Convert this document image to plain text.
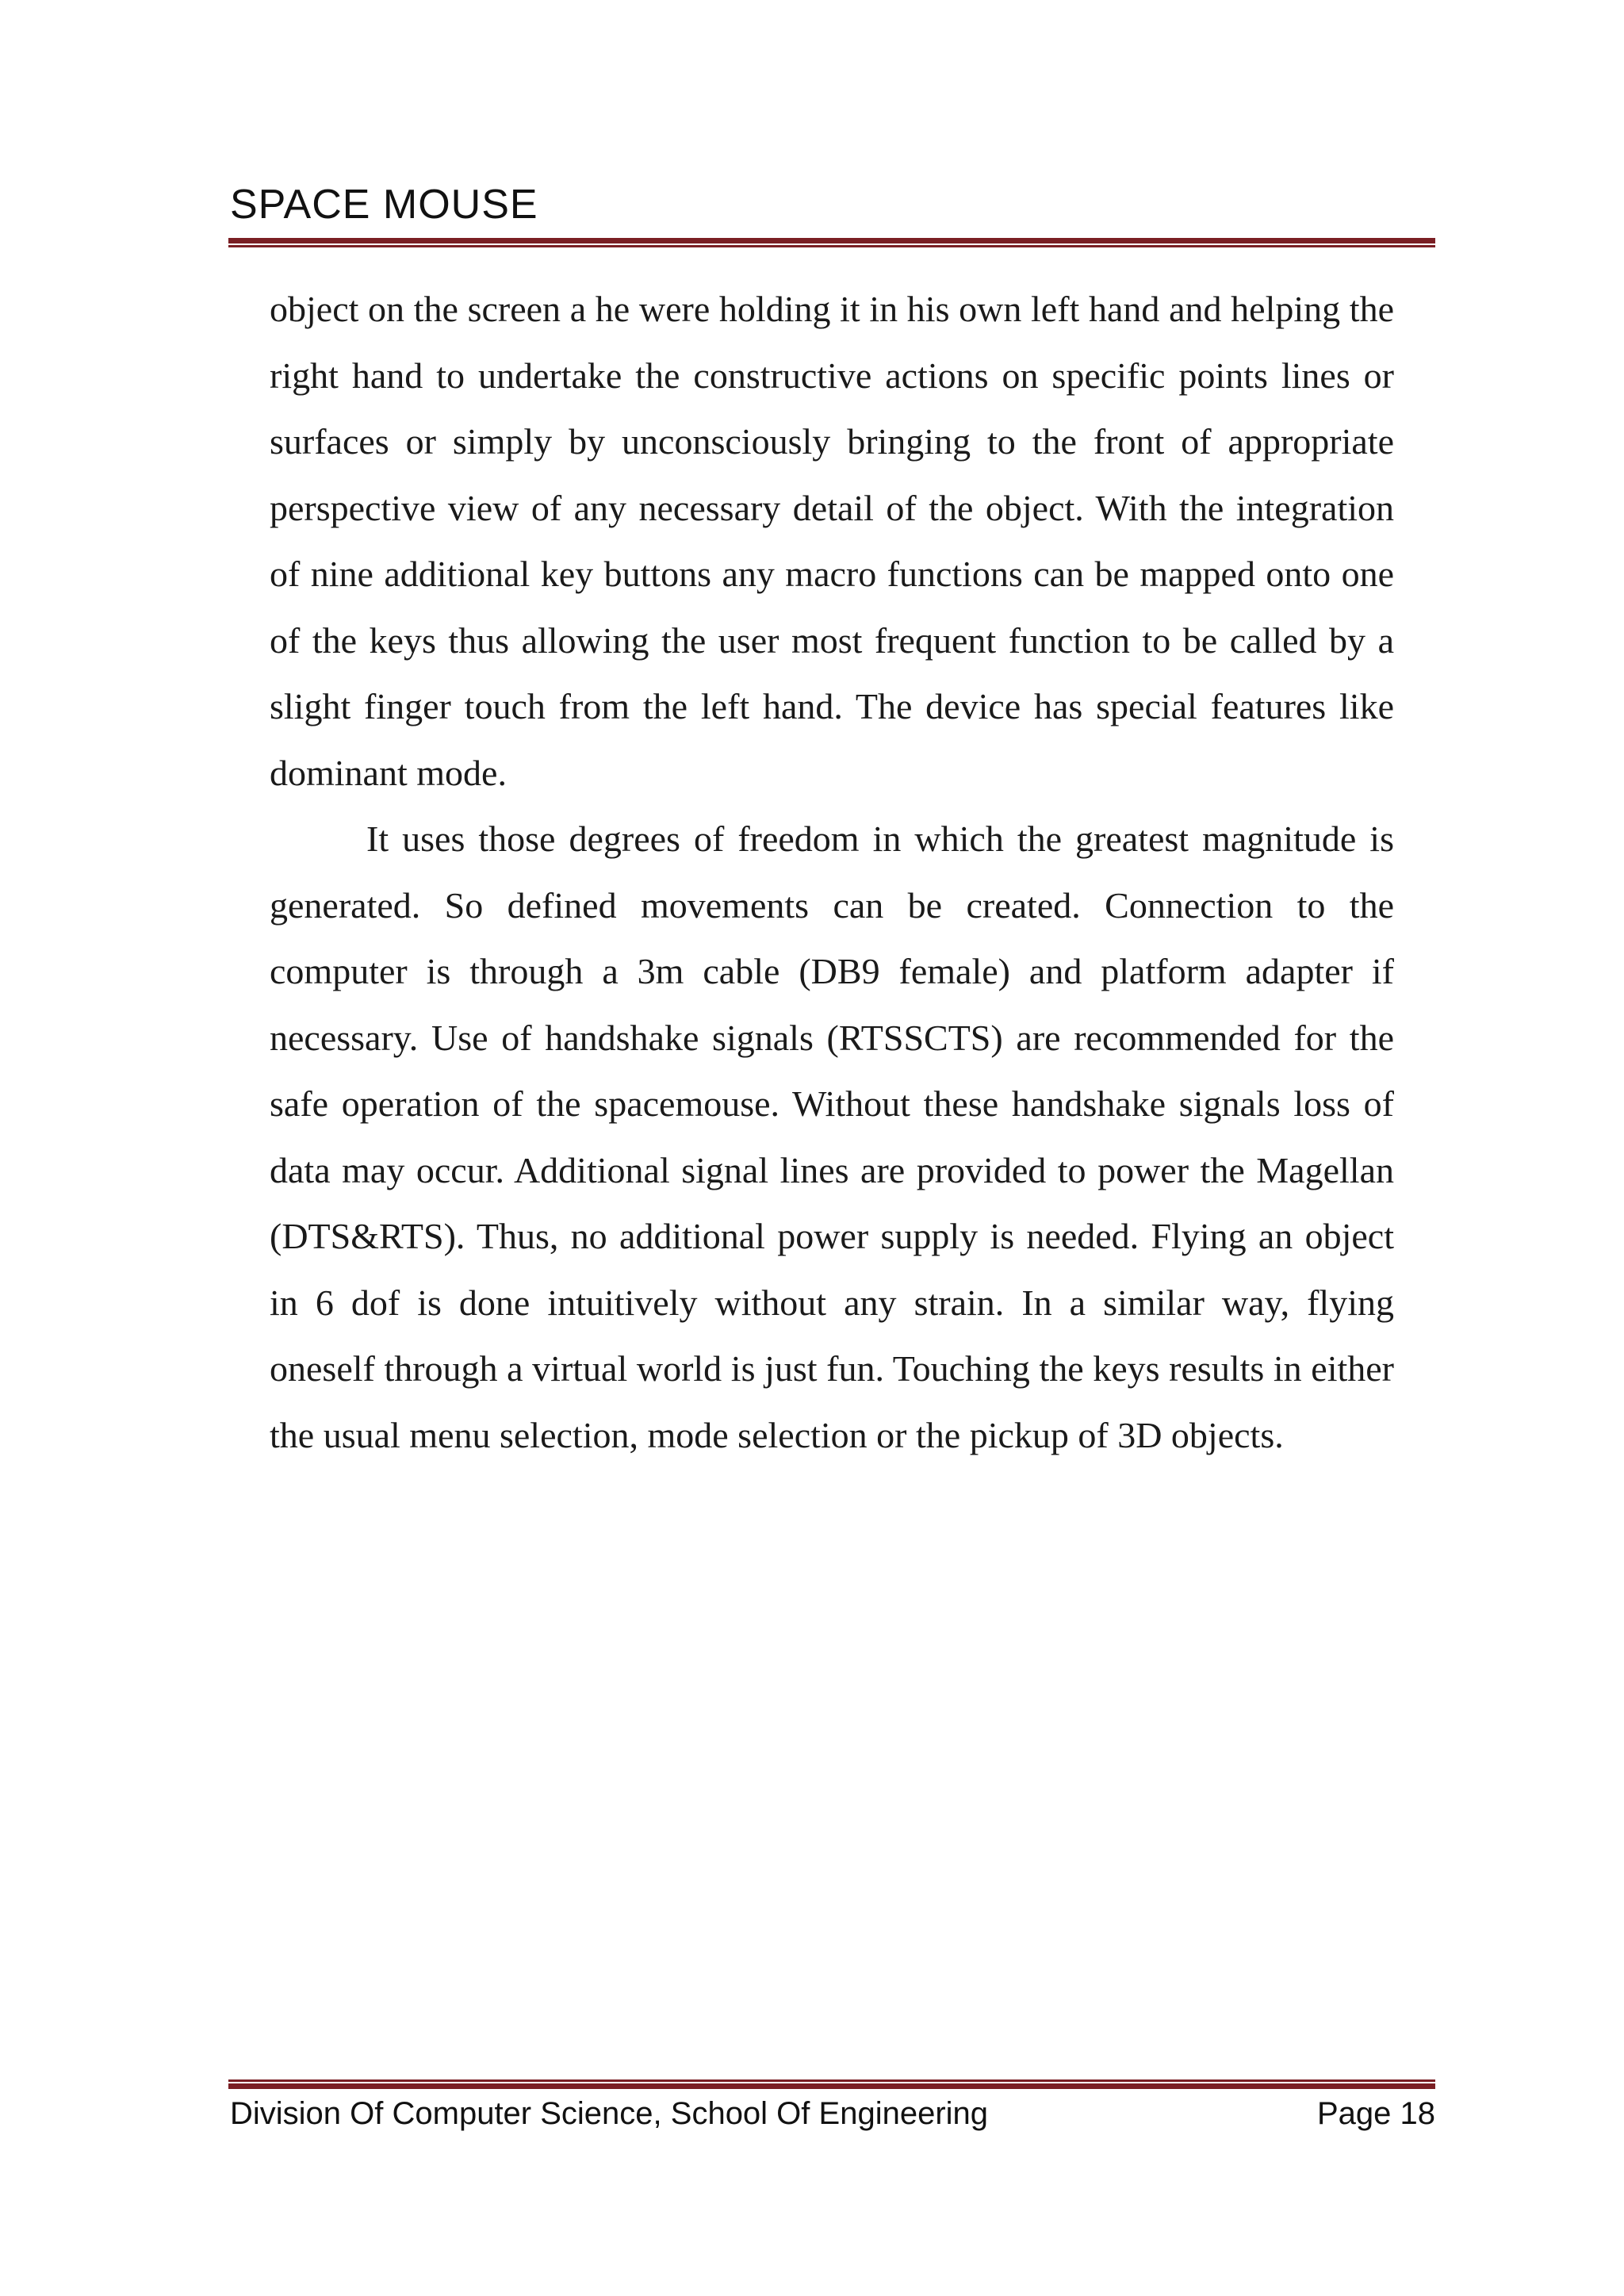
SPACE MOUSE

object on the screen a he were holding it in his own left hand and helping the right hand to undertake the constructive actions on specific points lines or surfaces or simply by unconsciously bringing to the front of appropriate perspective view of any necessary detail of the object. With the integration of nine additional key buttons any macro functions can be mapped onto one of the keys thus allowing the user most frequent function to be called by a slight finger touch from the left hand. The device has special features like dominant mode.

It uses those degrees of freedom in which the greatest magnitude is generated. So defined movements can be created. Connection to the computer is through a 3m cable (DB9 female) and platform adapter if necessary. Use of handshake signals (RTSSCTS) are recommended for the safe operation of the spacemouse. Without these handshake signals loss of data may occur. Additional signal lines are provided to power the Magellan (DTS&RTS). Thus, no additional power supply is needed. Flying an object in 6 dof is done intuitively without any strain. In a similar way, flying oneself through a virtual world is just fun. Touching the keys results in either the usual menu selection, mode selection or the pickup of 3D objects.

Division Of Computer Science, School Of Engineering	Page 18
